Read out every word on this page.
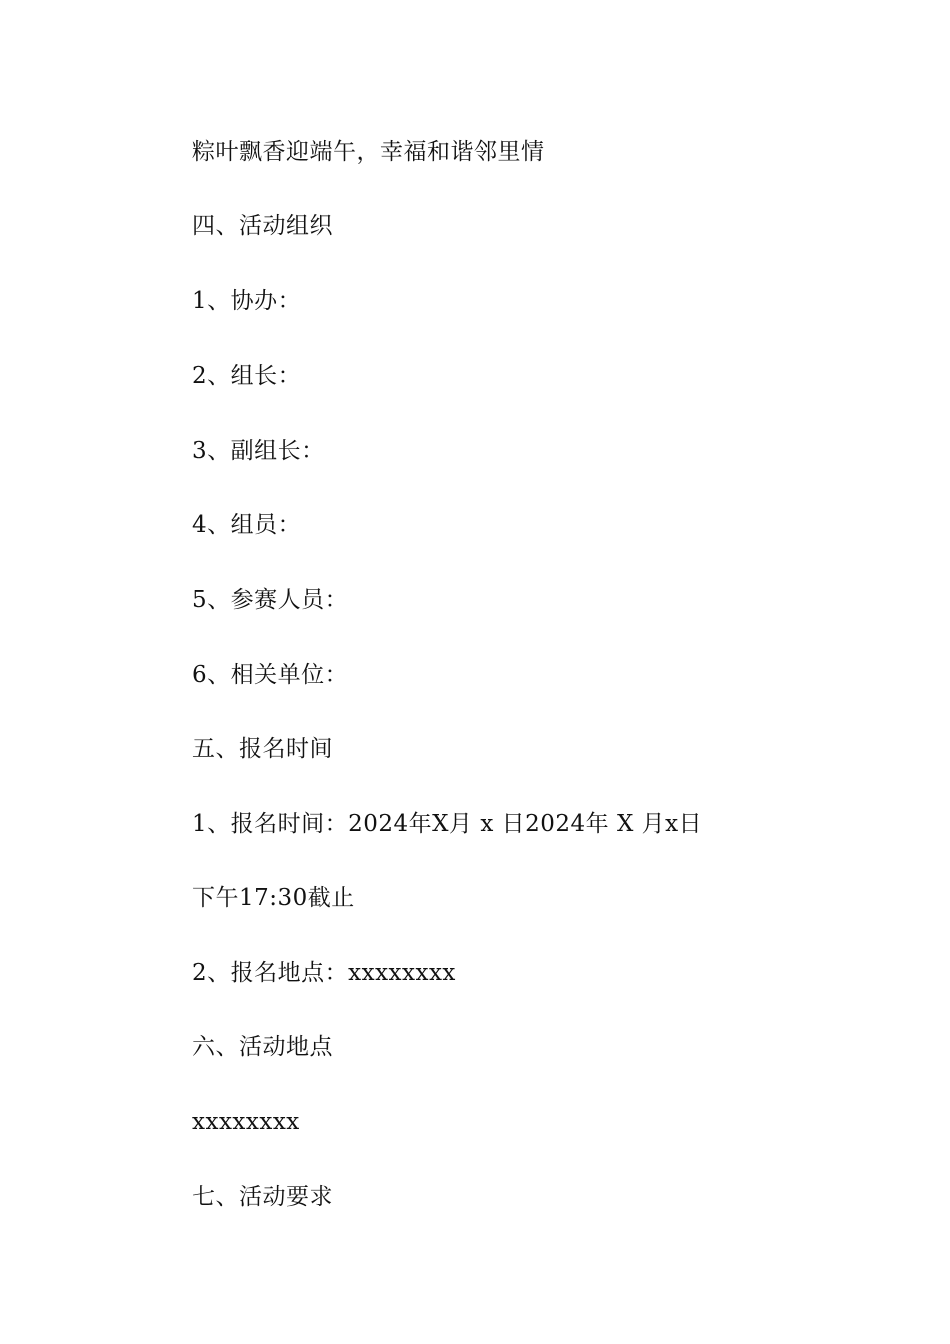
粽叶飘香迎端午，幸福和谐邻里情
四、活动组织
1、协办：
2、组长：
3、副组长：
4、组员：
5、参赛人员：
6、相关单位：
五、报名时间
1、报名时间：2024年X月 x 日2024年 X 月x日
下午17:30截止
2、报名地点：xxxxxxxx
六、活动地点
xxxxxxxx
七、活动要求
